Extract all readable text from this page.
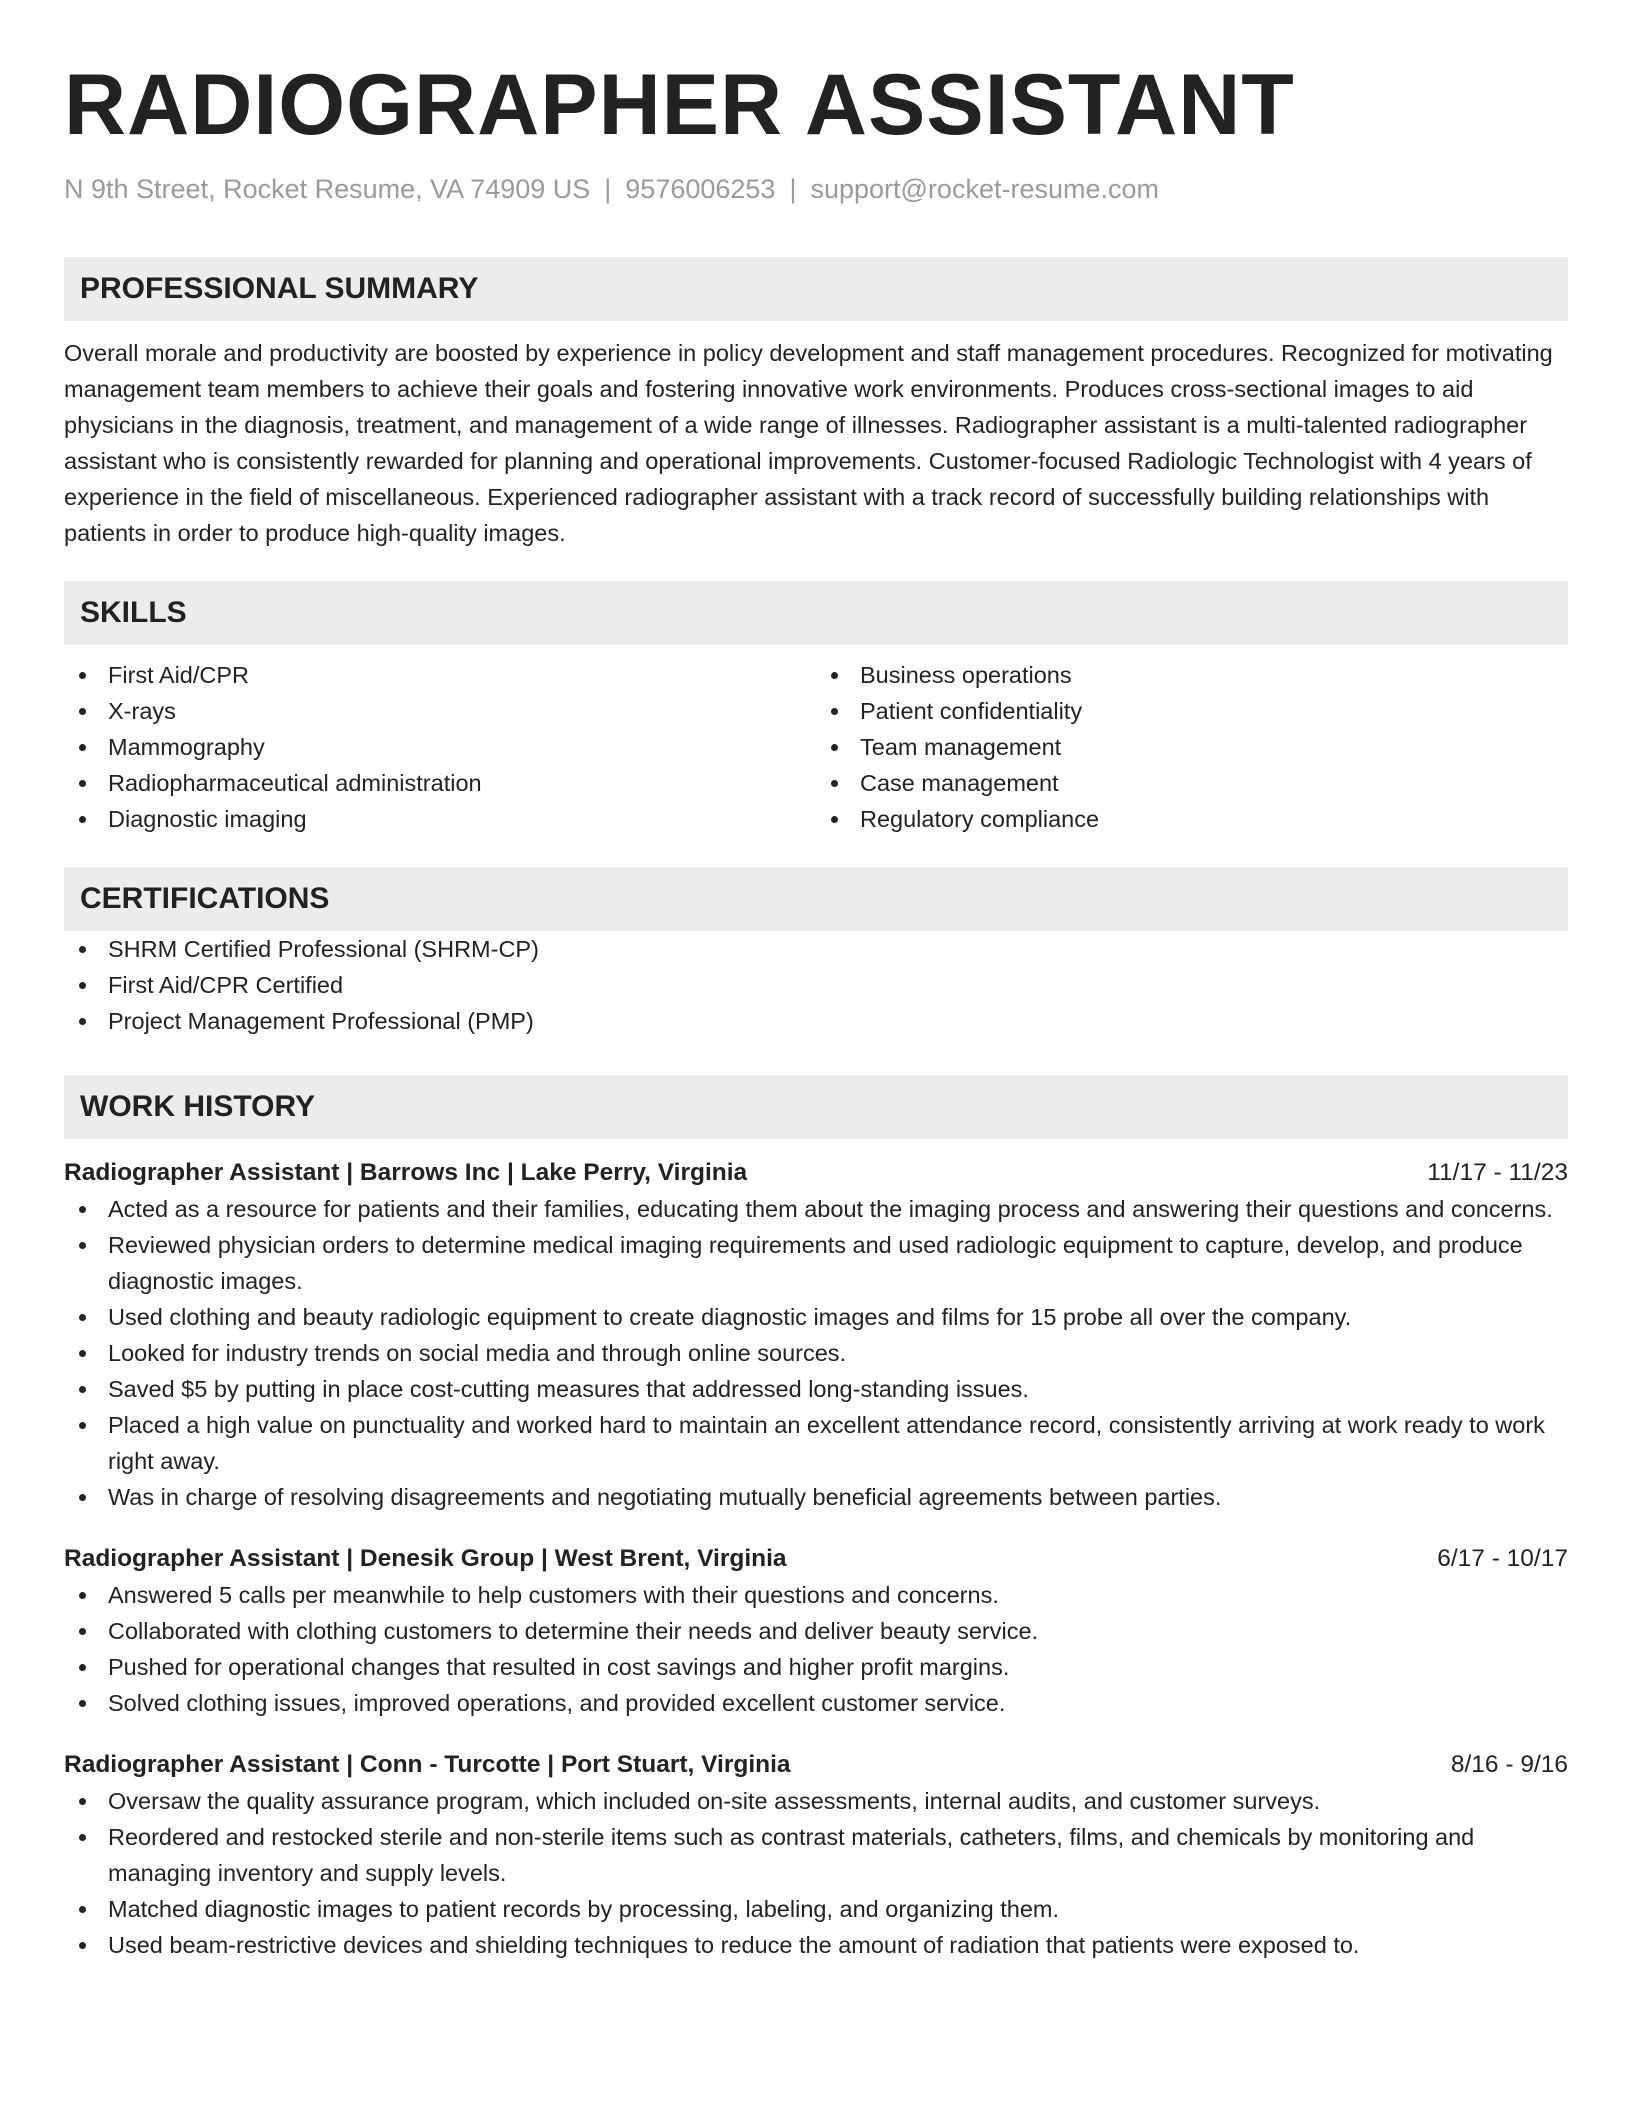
RADIOGRAPHER ASSISTANT
N 9th Street, Rocket Resume, VA 74909 US | 9576006253 | support@rocket-resume.com
PROFESSIONAL SUMMARY

Overall morale and productivity are boosted by experience in policy development and staff management procedures. Recognized for motivating management team members to achieve their goals and fostering innovative work environments. Produces cross-sectional images to aid physicians in the diagnosis, treatment, and management of a wide range of illnesses. Radiographer assistant is a multi-talented radiographer assistant who is consistently rewarded for planning and operational improvements. Customer-focused Radiologic Technologist with 4 years of experience in the field of miscellaneous. Experienced radiographer assistant with a track record of successfully building relationships with patients in order to produce high-quality images.

SKILLS
First Aid/CPR
X-rays
Mammography
Radiopharmaceutical administration
Diagnostic imaging
Business operations
Patient confidentiality
Team management
Case management
Regulatory compliance
CERTIFICATIONS
SHRM Certified Professional (SHRM-CP)
First Aid/CPR Certified
Project Management Professional (PMP)
WORK HISTORY
Radiographer Assistant | Barrows Inc | Lake Perry, Virginia	11/17 - 11/23
Acted as a resource for patients and their families, educating them about the imaging process and answering their questions and concerns.
Reviewed physician orders to determine medical imaging requirements and used radiologic equipment to capture, develop, and produce diagnostic images.
Used clothing and beauty radiologic equipment to create diagnostic images and films for 15 probe all over the company.
Looked for industry trends on social media and through online sources.
Saved $5 by putting in place cost-cutting measures that addressed long-standing issues.
Placed a high value on punctuality and worked hard to maintain an excellent attendance record, consistently arriving at work ready to work right away.
Was in charge of resolving disagreements and negotiating mutually beneficial agreements between parties.
Radiographer Assistant | Denesik Group | West Brent, Virginia	6/17 - 10/17
Answered 5 calls per meanwhile to help customers with their questions and concerns.
Collaborated with clothing customers to determine their needs and deliver beauty service.
Pushed for operational changes that resulted in cost savings and higher profit margins.
Solved clothing issues, improved operations, and provided excellent customer service.
Radiographer Assistant | Conn - Turcotte | Port Stuart, Virginia	8/16 - 9/16
Oversaw the quality assurance program, which included on-site assessments, internal audits, and customer surveys.
Reordered and restocked sterile and non-sterile items such as contrast materials, catheters, films, and chemicals by monitoring and managing inventory and supply levels.
Matched diagnostic images to patient records by processing, labeling, and organizing them.
Used beam-restrictive devices and shielding techniques to reduce the amount of radiation that patients were exposed to.
